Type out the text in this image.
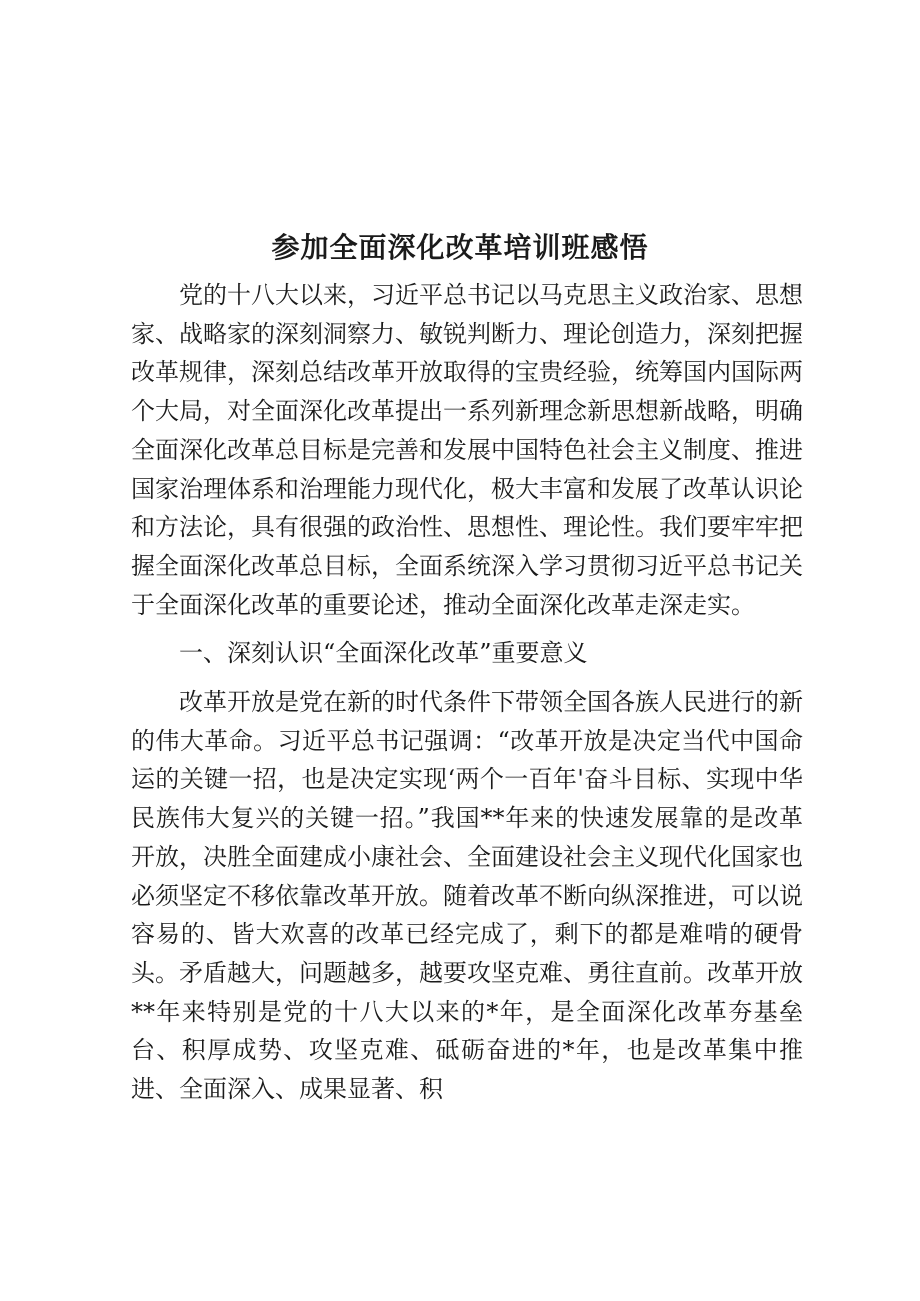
参加全面深化改革培训班感悟

党的十八大以来，习近平总书记以马克思主义政治家、思想家、战略家的深刻洞察力、敏锐判断力、理论创造力，深刻把握改革规律，深刻总结改革开放取得的宝贵经验，统筹国内国际两个大局，对全面深化改革提出一系列新理念新思想新战略，明确全面深化改革总目标是完善和发展中国特色社会主义制度、推进国家治理体系和治理能力现代化，极大丰富和发展了改革认识论和方法论，具有很强的政治性、思想性、理论性。我们要牢牢把握全面深化改革总目标，全面系统深入学习贯彻习近平总书记关于全面深化改革的重要论述，推动全面深化改革走深走实。

一、深刻认识“全面深化改革”重要意义

改革开放是党在新的时代条件下带领全国各族人民进行的新的伟大革命。习近平总书记强调：“改革开放是决定当代中国命运的关键一招，也是决定实现‘两个一百年'奋斗目标、实现中华民族伟大复兴的关键一招。”我国**年来的快速发展靠的是改革开放，决胜全面建成小康社会、全面建设社会主义现代化国家也必须坚定不移依靠改革开放。随着改革不断向纵深推进，可以说容易的、皆大欢喜的改革已经完成了，剩下的都是难啃的硬骨头。矛盾越大，问题越多，越要攻坚克难、勇往直前。改革开放**年来特别是党的十八大以来的*年，是全面深化改革夯基垒台、积厚成势、攻坚克难、砥砺奋进的*年，也是改革集中推进、全面深入、成果显著、积
